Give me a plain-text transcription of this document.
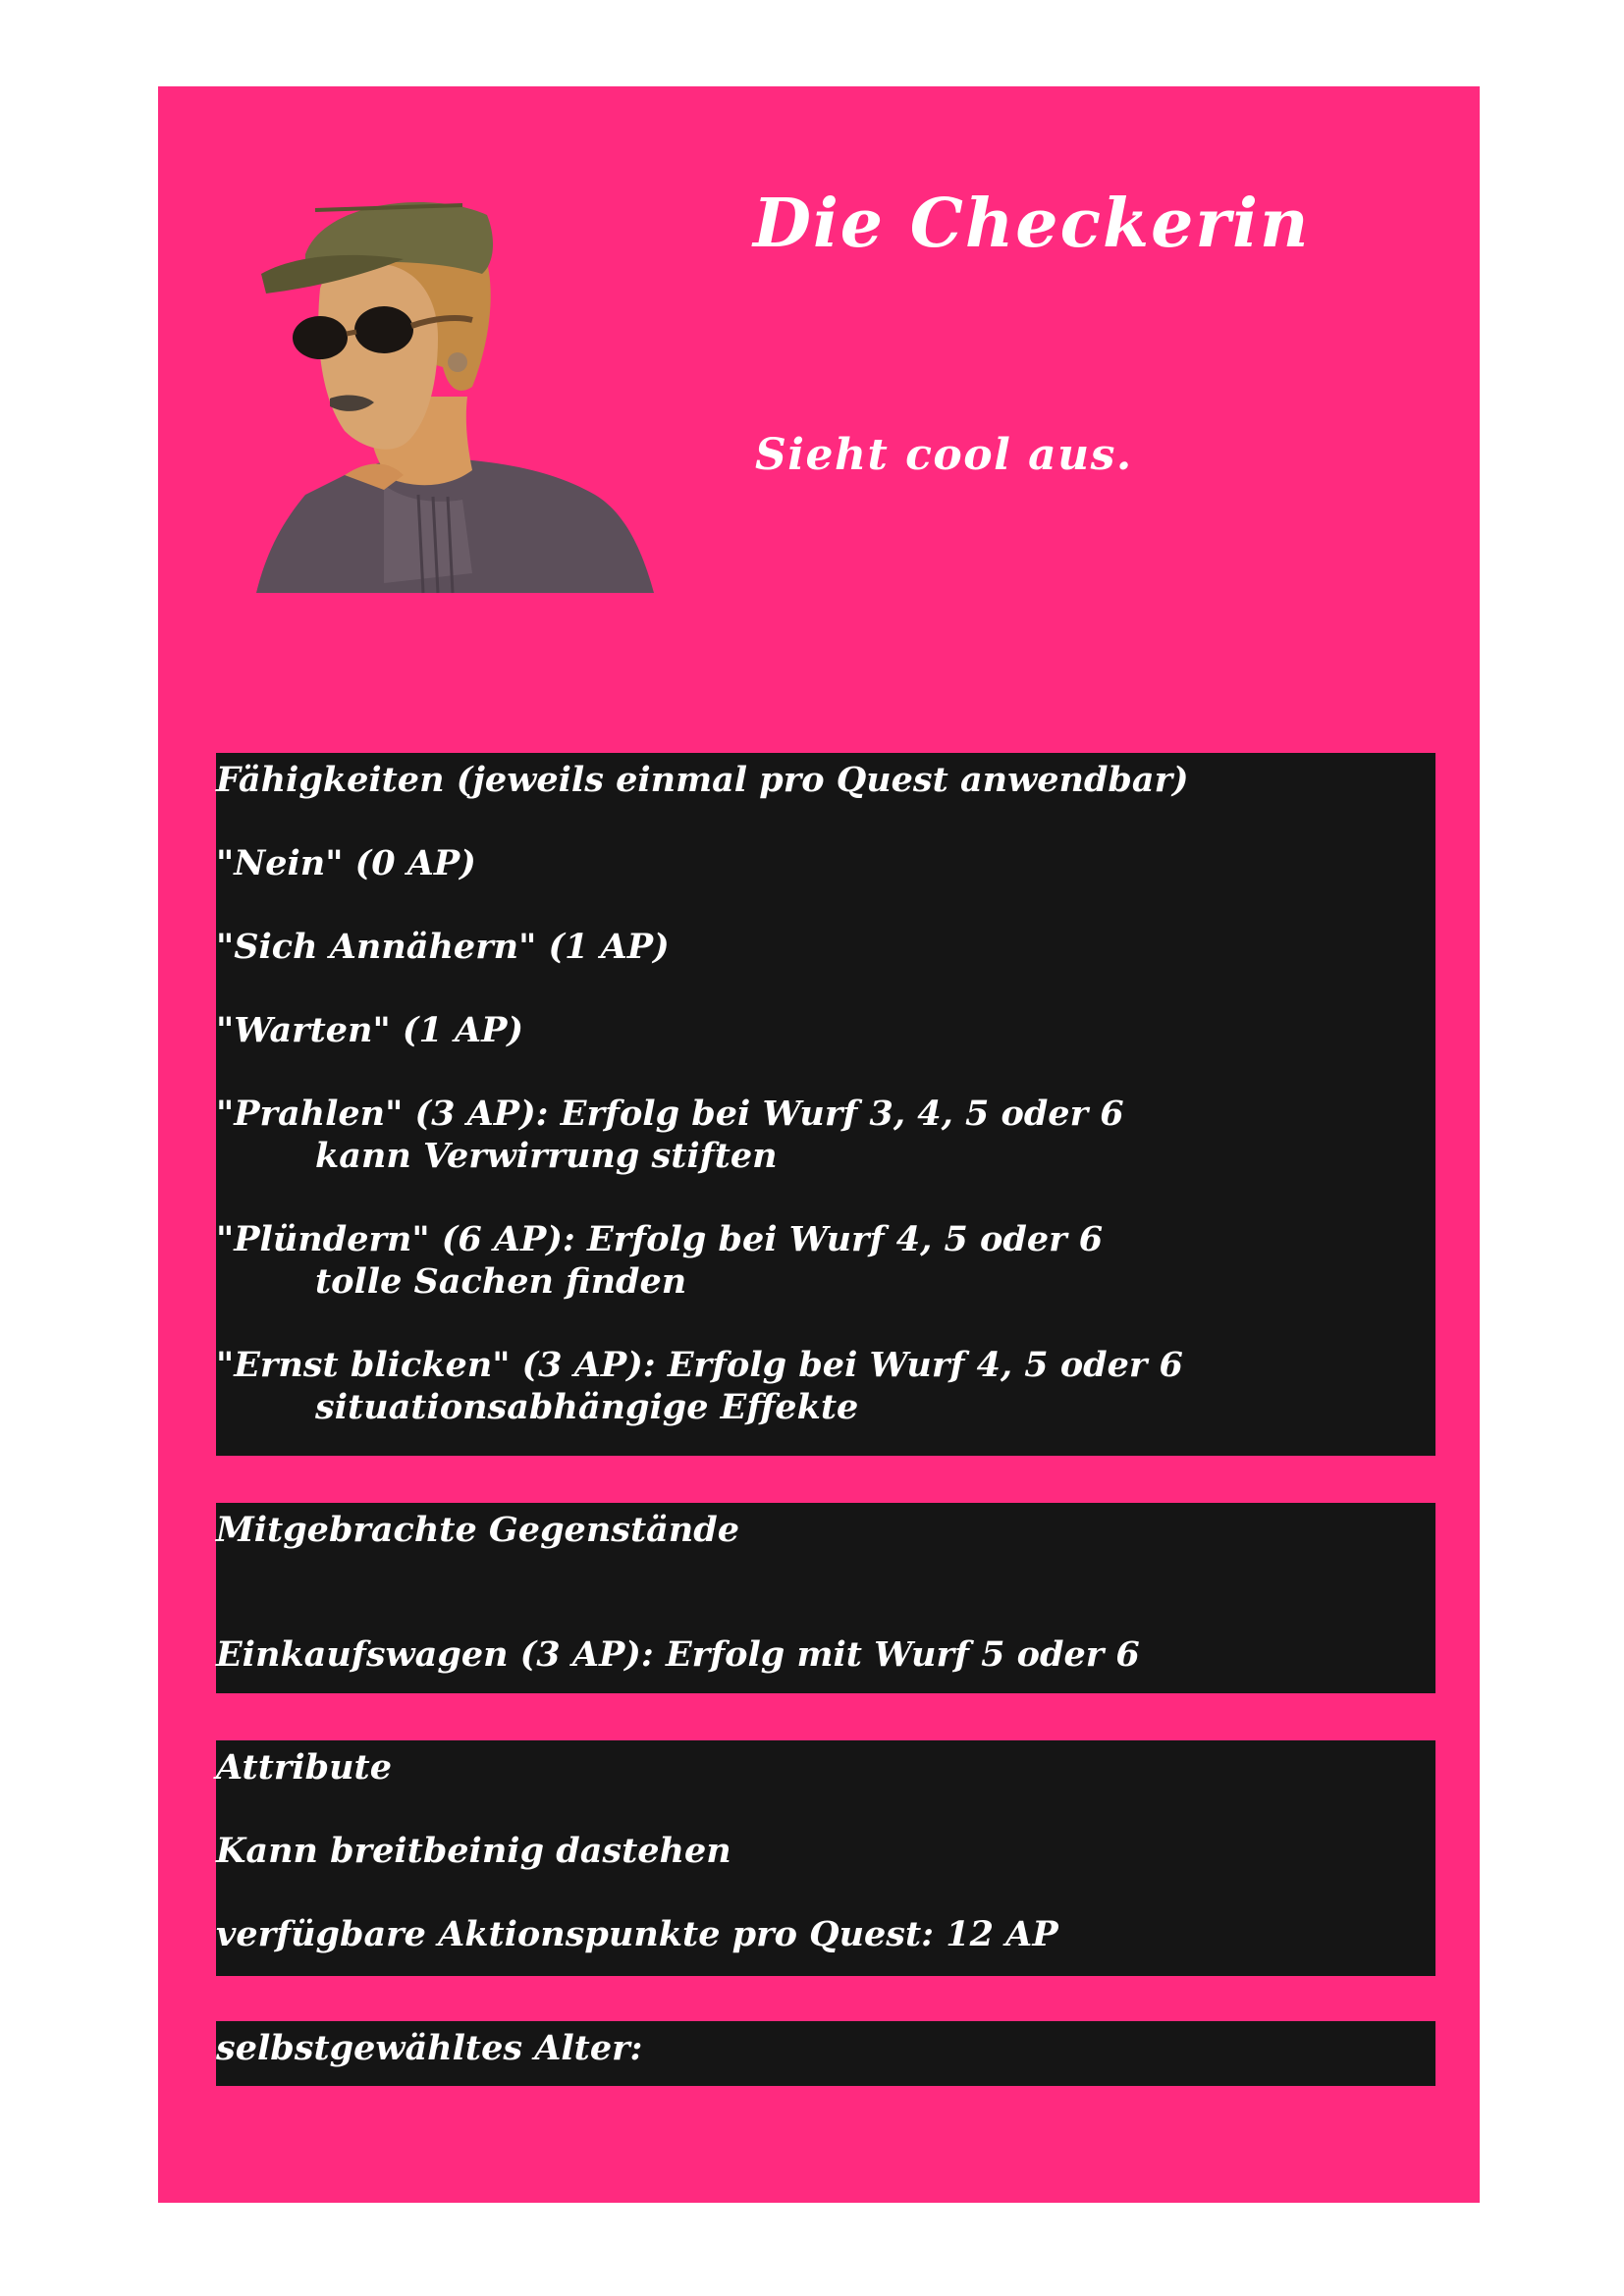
Die Checkerin
Sieht cool aus.
Fähigkeiten (jeweils einmal pro Quest anwendbar)
"Nein" (0 AP)
"Sich Annähern" (1 AP)
"Warten" (1 AP)
"Prahlen" (3 AP): Erfolg bei Wurf 3, 4, 5 oder 6
kann Verwirrung stiften
"Plündern" (6 AP): Erfolg bei Wurf 4, 5 oder 6
tolle Sachen finden
"Ernst blicken" (3 AP): Erfolg bei Wurf 4, 5 oder 6
situationsabhängige Effekte
Mitgebrachte Gegenstände
Einkaufswagen (3 AP): Erfolg mit Wurf 5 oder 6
Attribute
Kann breitbeinig dastehen
verfügbare Aktionspunkte pro Quest: 12 AP
selbstgewähltes Alter:
